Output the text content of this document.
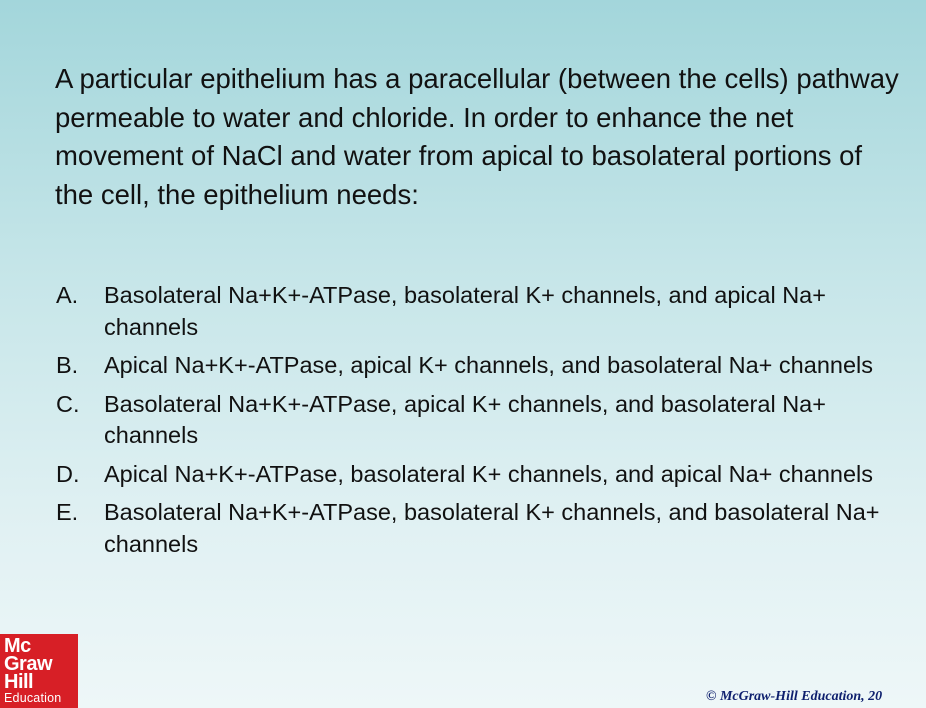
A particular epithelium has a paracellular (between the cells) pathway permeable to water and chloride. In order to enhance the net movement of NaCl and water from apical to basolateral portions of the cell, the epithelium needs:

A.	Basolateral Na+K+-ATPase, basolateral K+ channels, and apical Na+ channels
B.	Apical Na+K+-ATPase, apical K+ channels, and basolateral Na+ channels
C.	Basolateral Na+K+-ATPase, apical K+ channels, and basolateral Na+ channels
D.	Apical Na+K+-ATPase, basolateral K+ channels, and apical Na+ channels
E.	Basolateral Na+K+-ATPase, basolateral K+ channels, and basolateral Na+ channels
Mc
Graw
Hill
Education	© McGraw-Hill Education, 20
